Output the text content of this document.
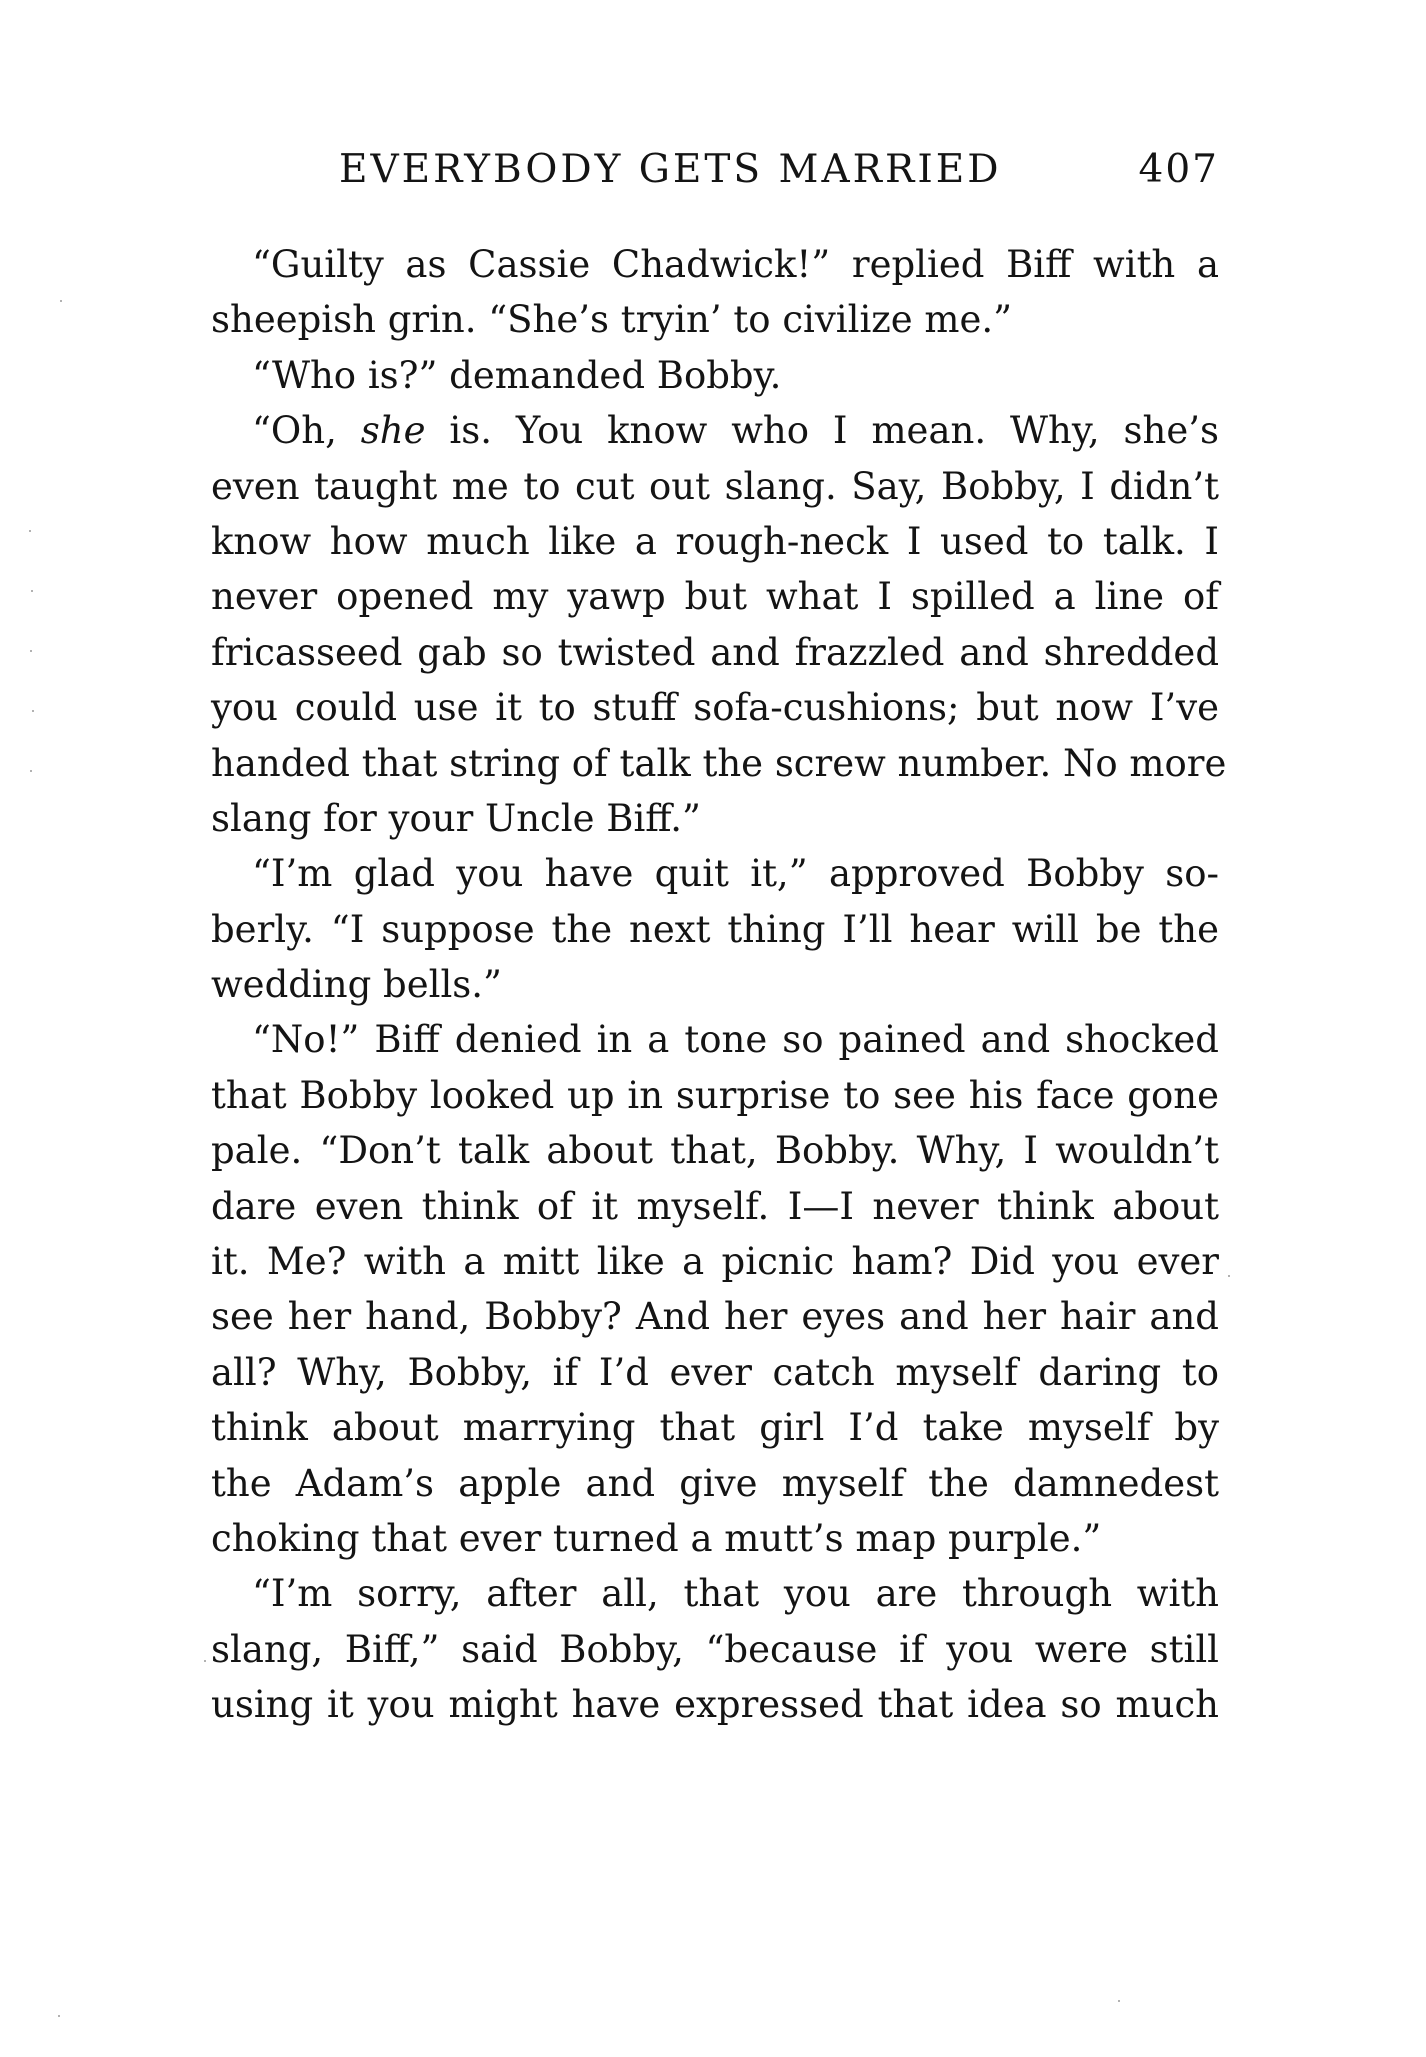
EVERYBODY GETS MARRIED	407
“Guilty as Cassie Chadwick!” replied Biff with a
sheepish grin. “She’s tryin’ to civilize me.”
“Who is?” demanded Bobby.
“Oh, she is. You know who I mean. Why, she’s
even taught me to cut out slang. Say, Bobby, I didn’t
know how much like a rough-neck I used to talk. I
never opened my yawp but what I spilled a line of
fricasseed gab so twisted and frazzled and shredded
you could use it to stuff sofa-cushions; but now I’ve
handed that string of talk the screw number. No more
slang for your Uncle Biff.”
“I’m glad you have quit it,” approved Bobby so-
berly. “I suppose the next thing I’ll hear will be the
wedding bells.”
“No!” Biff denied in a tone so pained and shocked
that Bobby looked up in surprise to see his face gone
pale. “Don’t talk about that, Bobby. Why, I wouldn’t
dare even think of it myself. I—I never think about
it. Me? with a mitt like a picnic ham? Did you ever
see her hand, Bobby? And her eyes and her hair and
all? Why, Bobby, if I’d ever catch myself daring to
think about marrying that girl I’d take myself by
the Adam’s apple and give myself the damnedest
choking that ever turned a mutt’s map purple.”
“I’m sorry, after all, that you are through with
slang, Biff,” said Bobby, “because if you were still
using it you might have expressed that idea so much
